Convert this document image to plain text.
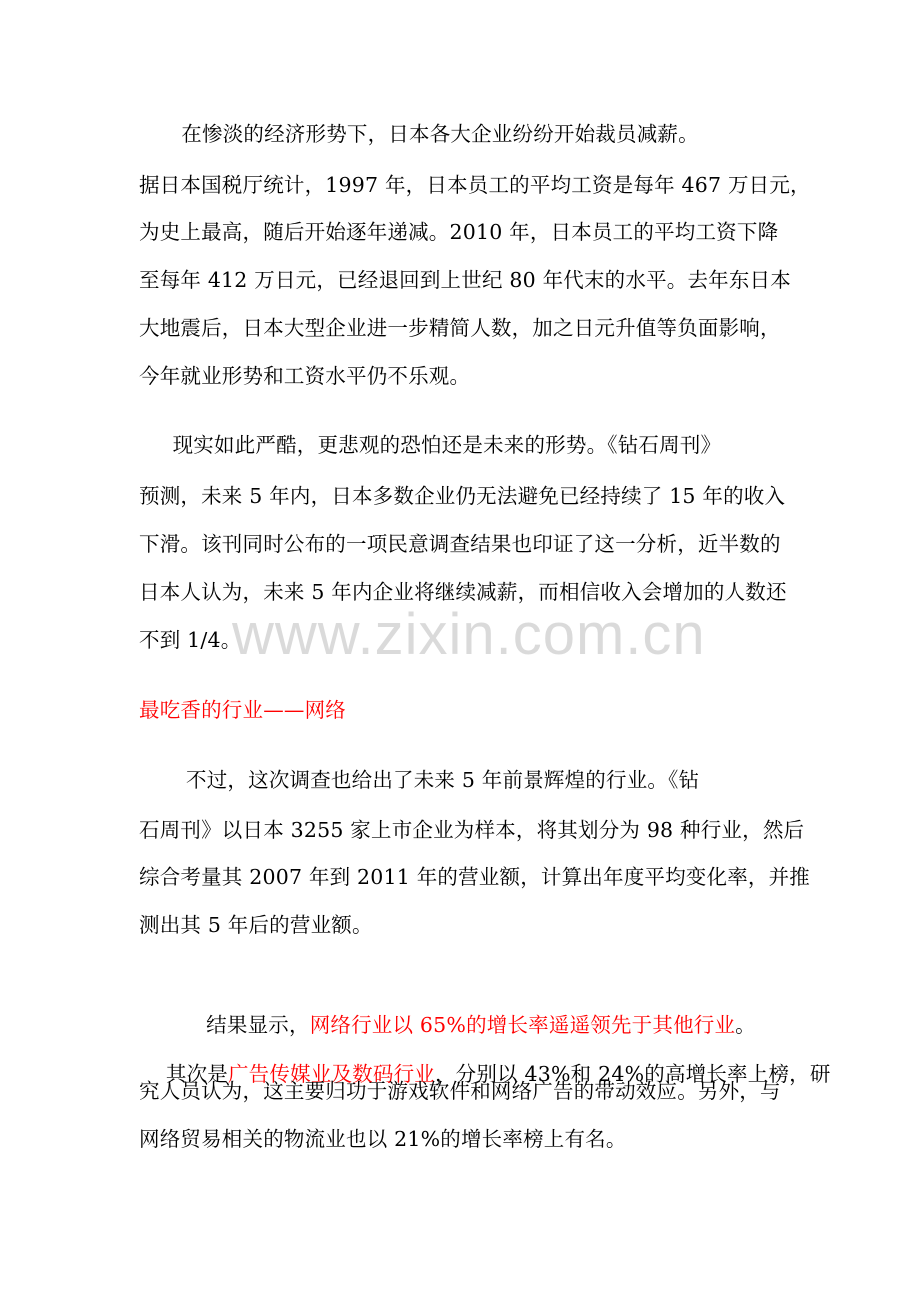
在惨淡的经济形势下，日本各大企业纷纷开始裁员减薪。
据日本国税厅统计，1997 年，日本员工的平均工资是每年 467 万日元，
为史上最高，随后开始逐年递减。2010 年，日本员工的平均工资下降
至每年 412 万日元，已经退回到上世纪 80 年代末的水平。去年东日本
大地震后，日本大型企业进一步精简人数，加之日元升值等负面影响，
今年就业形势和工资水平仍不乐观。
现实如此严酷，更悲观的恐怕还是未来的形势。《钻石周刊》
预测，未来 5 年内，日本多数企业仍无法避免已经持续了 15 年的收入
下滑。该刊同时公布的一项民意调查结果也印证了这一分析，近半数的
日本人认为，未来 5 年内企业将继续减薪，而相信收入会增加的人数还
不到 1/4。
www.zixin.com.cn
最吃香的行业——网络
不过，这次调查也给出了未来 5 年前景辉煌的行业。《钻
石周刊》以日本 3255 家上市企业为样本，将其划分为 98 种行业，然后
综合考量其 2007 年到 2011 年的营业额，计算出年度平均变化率，并推
测出其 5 年后的营业额。

结果显示，网络行业以 65%的增长率遥遥领先于其他行业。

其次是广告传媒业及数码行业，分别以 43%和 24%的高增长率上榜，研

究人员认为，这主要归功于游戏软件和网络广告的带动效应。另外，与
网络贸易相关的物流业也以 21%的增长率榜上有名。
